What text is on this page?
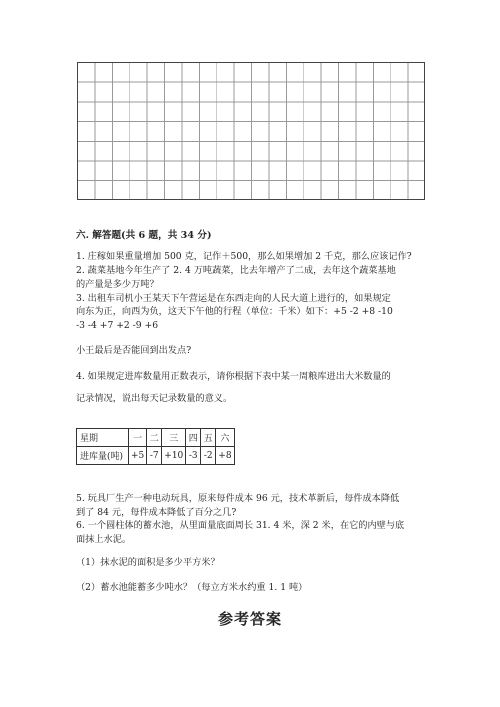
六. 解答题(共 6 题，共 34 分)
1. 庄稼如果重量增加 500 克，记作＋500，那么如果增加 2 千克，那么应该记作?
2. 蔬菜基地今年生产了 2. 4 万吨蔬菜，比去年增产了二成，去年这个蔬菜基地
的产量是多少万吨？
3. 出租车司机小王某天下午营运是在东西走向的人民大道上进行的，如果规定
向东为正，向西为负，这天下午他的行程（单位：千米）如下：+5 -2 +8 -10
-3 -4 +7 +2 -9 +6
小王最后是否能回到出发点?
4. 如果规定进库数量用正数表示，请你根据下表中某一周粮库进出大米数量的
记录情况，说出每天记录数量的意义。
星期	一	二	三	四	五	六
进库量(吨)	+5	-7	+10	-3	-2	+8
5. 玩具厂生产一种电动玩具，原来每件成本 96 元，技术革新后，每件成本降低
到了 84 元，每件成本降低了百分之几?
6. 一个圆柱体的蓄水池，从里面量底面周长 31. 4 米，深 2 米，在它的内壁与底
面抹上水泥。
（1）抹水泥的面积是多少平方米？
（2）蓄水池能蓄多少吨水？（每立方米水约重 1. 1 吨）
参考答案
